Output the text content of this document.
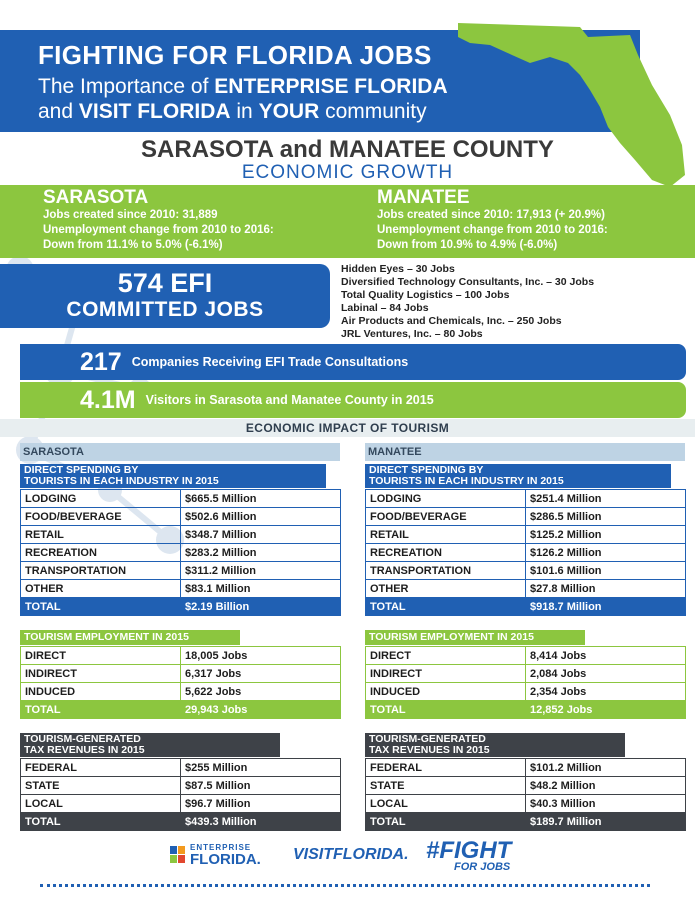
FIGHTING FOR FLORIDA JOBS
The Importance of ENTERPRISE FLORIDA
and VISIT FLORIDA in YOUR community
SARASOTA and MANATEE COUNTY
ECONOMIC GROWTH
SARASOTA
Jobs created since 2010: 31,889
Unemployment change from 2010 to 2016:
Down from 11.1% to 5.0% (-6.1%)
MANATEE
Jobs created since 2010: 17,913 (+ 20.9%)
Unemployment change from 2010 to 2016:
Down from 10.9% to 4.9% (-6.0%)
574 EFI
COMMITTED JOBS
Hidden Eyes – 30 Jobs
Diversified Technology Consultants, Inc. – 30 Jobs
Total Quality Logistics – 100 Jobs
Labinal – 84 Jobs
Air Products and Chemicals, Inc. – 250 Jobs
JRL Ventures, Inc. – 80 Jobs
217 Companies Receiving EFI Trade Consultations
4.1M Visitors in Sarasota and Manatee County in 2015
ECONOMIC IMPACT OF TOURISM
SARASOTA	MANATEE
DIRECT SPENDING BY
TOURISTS IN EACH INDUSTRY IN 2015
LODGING	$665.5 Million
FOOD/BEVERAGE	$502.6 Million
RETAIL	$348.7 Million
RECREATION	$283.2 Million
TRANSPORTATION	$311.2 Million
OTHER	$83.1 Million
TOTAL	$2.19 Billion
TOURISM EMPLOYMENT IN 2015
DIRECT	18,005 Jobs
INDIRECT	6,317 Jobs
INDUCED	5,622 Jobs
TOTAL	29,943 Jobs
TOURISM-GENERATED
TAX REVENUES IN 2015
FEDERAL	$255 Million
STATE	$87.5 Million
LOCAL	$96.7 Million
TOTAL	$439.3 Million
DIRECT SPENDING BY
TOURISTS IN EACH INDUSTRY IN 2015
LODGING	$251.4 Million
FOOD/BEVERAGE	$286.5 Million
RETAIL	$125.2 Million
RECREATION	$126.2 Million
TRANSPORTATION	$101.6 Million
OTHER	$27.8 Million
TOTAL	$918.7 Million
TOURISM EMPLOYMENT IN 2015
DIRECT	8,414 Jobs
INDIRECT	2,084 Jobs
INDUCED	2,354 Jobs
TOTAL	12,852 Jobs
TOURISM-GENERATED
TAX REVENUES IN 2015
FEDERAL	$101.2 Million
STATE	$48.2 Million
LOCAL	$40.3 Million
TOTAL	$189.7 Million
ENTERPRISE
FLORIDA. VISITFLORIDA. #FIGHT
FOR JOBS
